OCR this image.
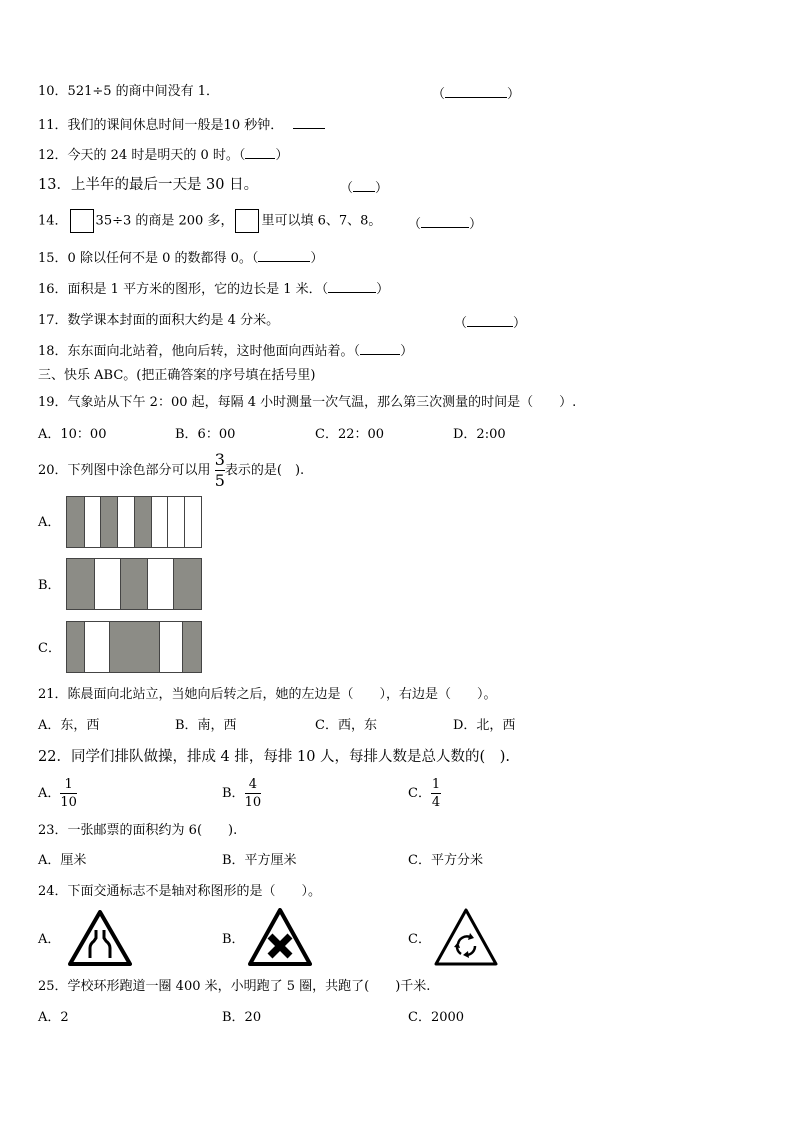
10．521÷5 的商中间没有 1．	（	）
11．我们的课间休息时间一般是10 秒钟．
12．今天的 24 时是明天的 0 时。（ ）
13．上半年的最后一天是 30 日。	（ ）
14． 35÷3 的商是 200 多， 里可以填 6、7、8。 （	）
15．0 除以任何不是 0 的数都得 0。（	）
16．面积是 1 平方米的图形，它的边长是 1 米．（	）
17．数学课本封面的面积大约是 4 分米。	（	）
18．东东面向北站着，他向后转，这时他面向西站着。（	）
三、快乐 ABC。(把正确答案的序号填在括号里)
19．气象站从下午 2：00 起，每隔 4 小时测量一次气温，那么第三次测量的时间是（　　）.
A．10：00	B．6：00	C．22：00	D．2:00
20．下列图中涂色部分可以用 $\frac{3}{5}$ 表示的是(　).
A．
B．
C．
21．陈晨面向北站立，当她向后转之后，她的左边是（　　），右边是（　　）。
A．东，西	B．南，西	C．西，东	D．北，西
22．同学们排队做操，排成 4 排，每排 10 人，每排人数是总人数的(　).
A． $\frac{1}{10}$	B． $\frac{4}{10}$	C． $\frac{1}{4}$
23．一张邮票的面积约为 6(　　).
A．厘米	B．平方厘米	C．平方分米
24．下面交通标志不是轴对称图形的是（　　）。
A．	B．	C．
25．学校环形跑道一圈 400 米，小明跑了 5 圈，共跑了(　　)千米.
A．2	B．20	C．2000
